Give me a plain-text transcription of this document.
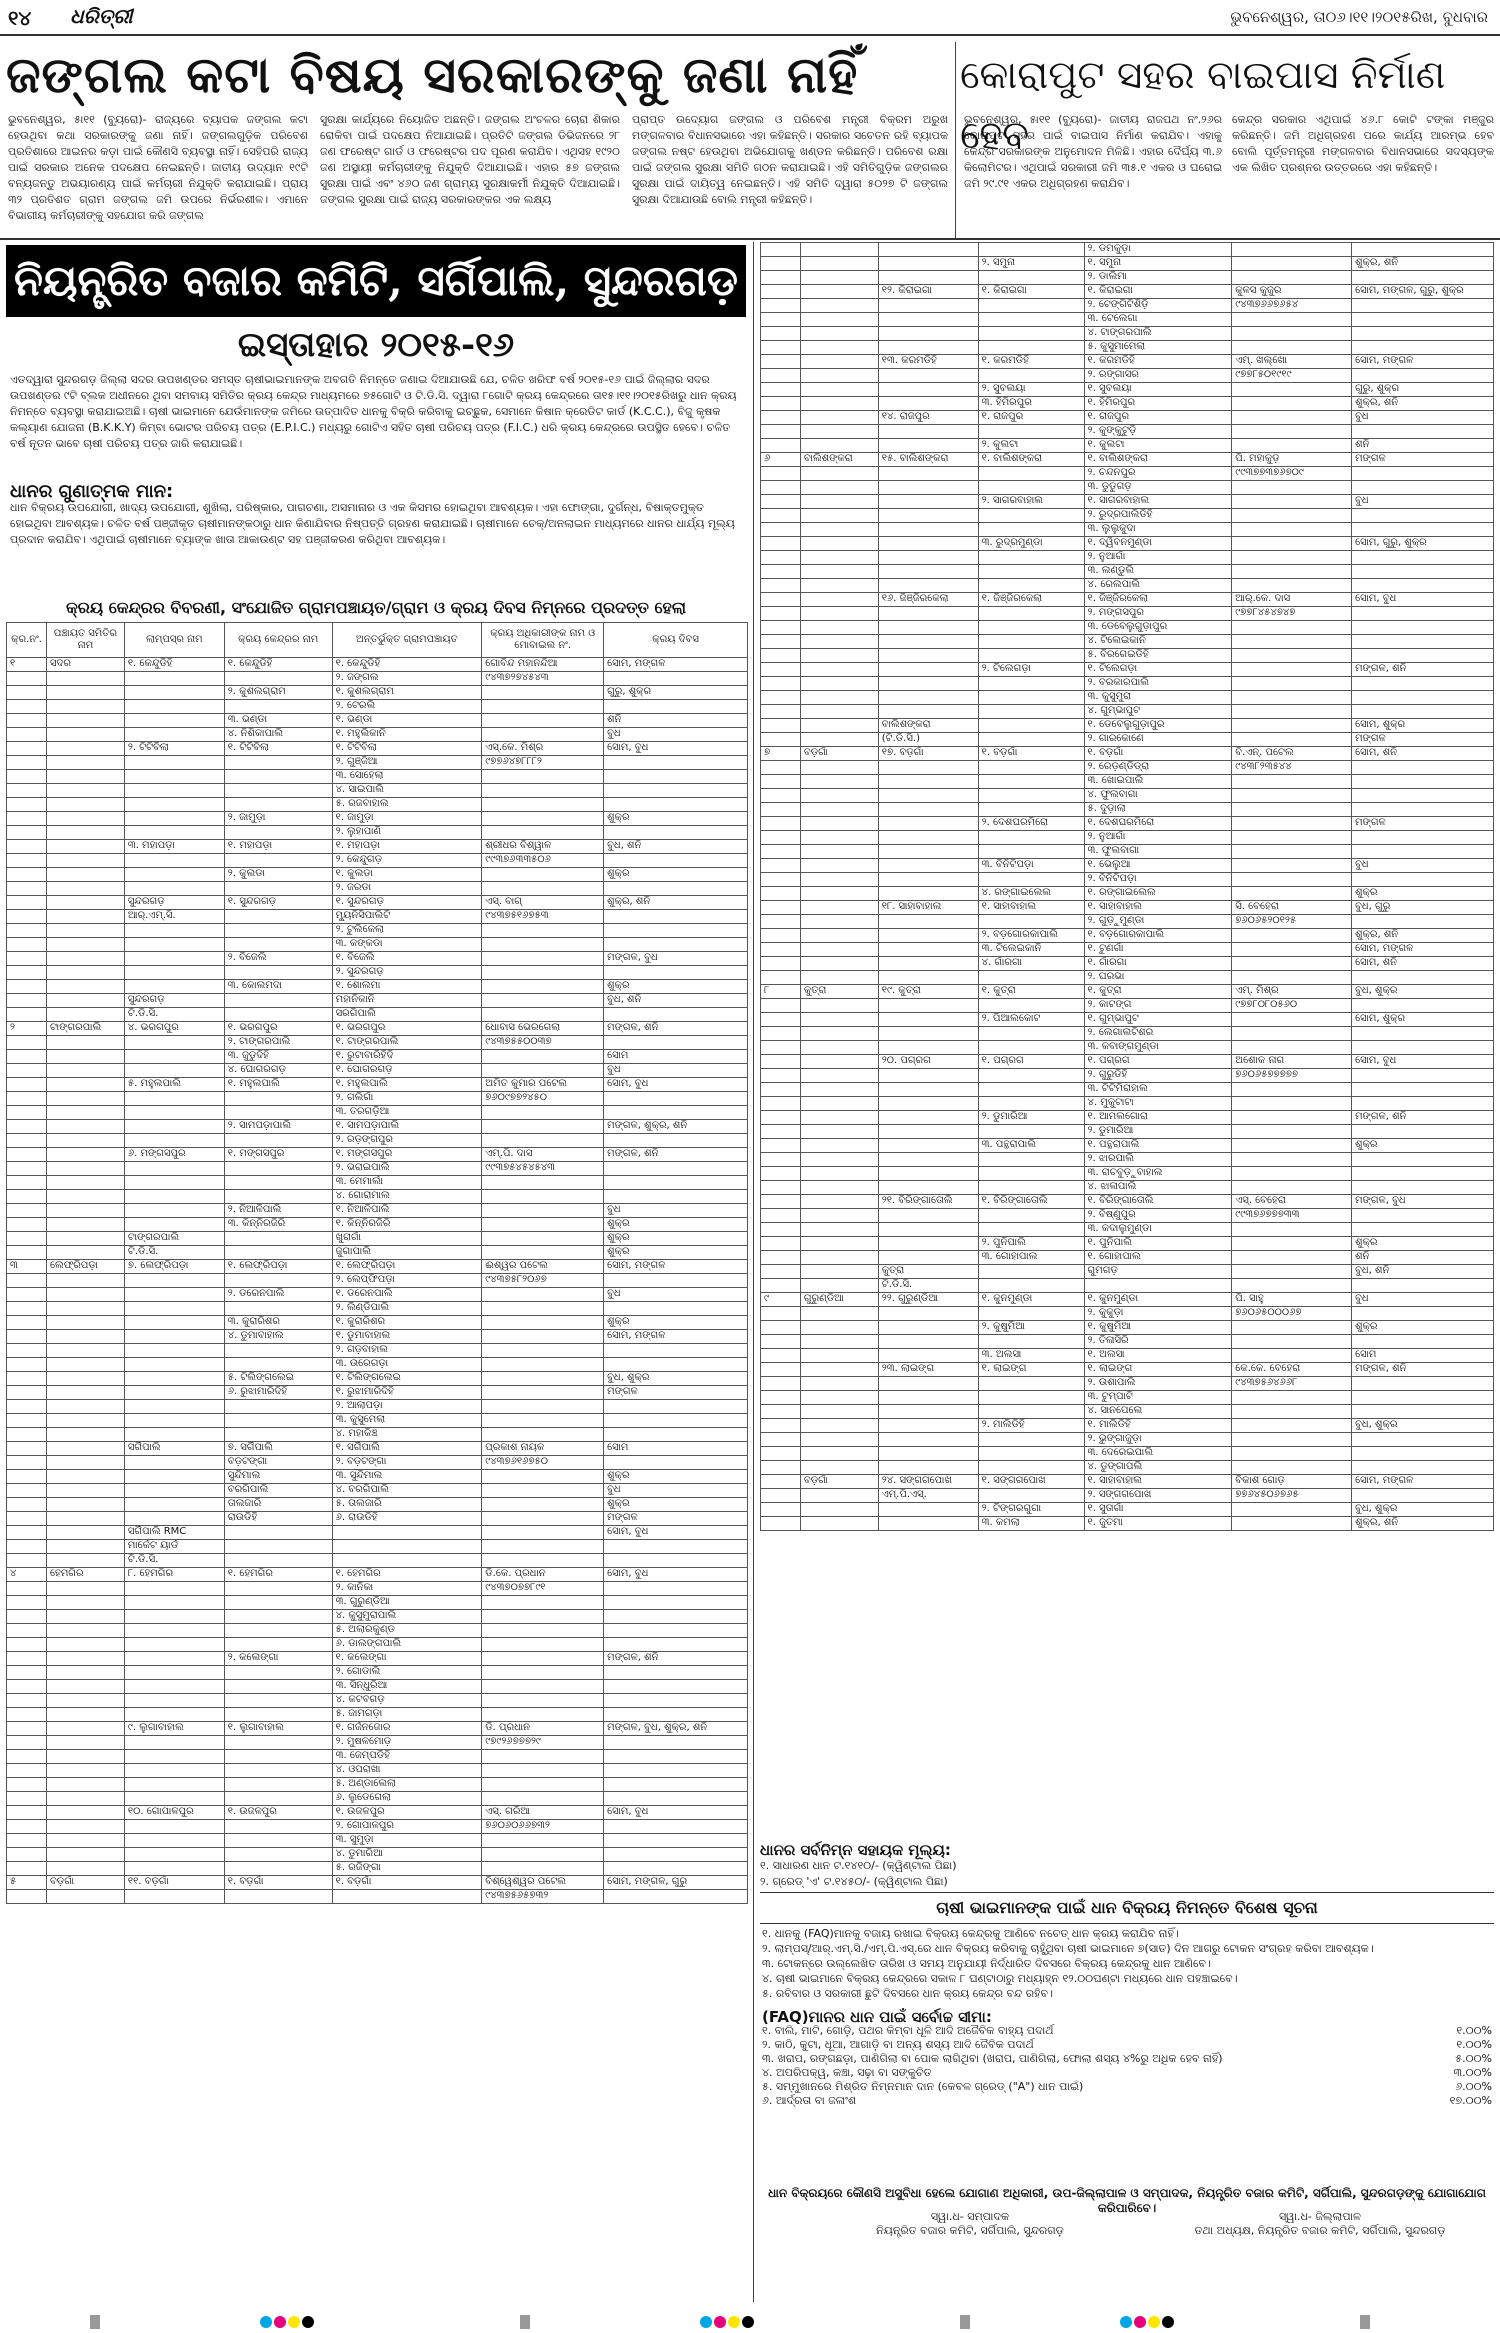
୧୪ ଧରିତ୍ରୀ	ଭୁବନେଶ୍ୱର, ତା୦୬।୧୧।୨୦୧୫ରିଖ, ବୁଧବାର
ଜଙ୍ଗଲ କଟା ବିଷୟ ସରକାରଙ୍କୁ ଜଣା ନାହିଁ	କୋରାପୁଟ ସହର ବାଇପାସ ନିର୍ମାଣ ହେବ
ଭୁବନେଶ୍ୱର, ୫ା୧୧ (ବ୍ୟୁରୋ)- ରାଜ୍ୟରେ ବ୍ୟାପକ ଜଙ୍ଗଲ କଟା ହେଉଥିବା କଥା ସରକାରଙ୍କୁ ଜଣା ନାହିଁ। ଜଙ୍ଗଲଗୁଡ଼ିକ ପରିବେଶ ପ୍ରତିଶାରେ ଆଇନର କଡ଼ା ପାଇଁ କୌଣସି ବ୍ୟବସ୍ଥା ନାହିଁ। ସେହିପରି ରାଜ୍ୟ ପାଇଁ ସରକାର ଅନେକ ପଦକ୍ଷେପ ନେଇଛନ୍ତି। ଜାତୀୟ ଉଦ୍ୟାନ ୧୯ଟି ବନ୍ୟଜନ୍ତୁ ଅଭୟାରଣ୍ୟ ପାଇଁ କର୍ମଚାରୀ ନିଯୁକ୍ତି କରାଯାଇଛି। ପ୍ରାୟ ୩୨ ପ୍ରତିଶତ ଗ୍ରାମ ଜଙ୍ଗଲ ଜମି ଉପରେ ନିର୍ଭରଶୀଳ। ଏମାନେ ବିଭାଗୀୟ କର୍ମଚାରୀଙ୍କୁ ସହଯୋଗ କରି ଜଙ୍ଗଲ
ସୁରକ୍ଷା କାର୍ଯ୍ୟରେ ନିୟୋଜିତ ଅଛନ୍ତି। ଜଙ୍ଗଲ ଅଂଚଳର ଚୋରା ଶିକାର ରୋକିବା ପାଇଁ ପଦକ୍ଷେପ ନିଆଯାଇଛି। ପ୍ରତିଟି ଜଙ୍ଗଲ ଡିଭିଜନରେ ୨୮ ଜଣ ଫରେଷ୍ଟ ଗାର୍ଡ ଓ ଫରେଷ୍ଟର ପଦ ପୂରଣ କରାଯିବ। ଏଥିସହ ୧୯୨୦ ଜଣ ଅସ୍ଥାୟୀ କର୍ମଚାରୀଙ୍କୁ ନିଯୁକ୍ତି ଦିଆଯାଇଛି। ଏହାର ୫୭ ଜଙ୍ଗଲ ସୁରକ୍ଷା ପାଇଁ ଏବଂ ୪୬୦ ଜଣ ଗ୍ରାମ୍ୟ ସୁରକ୍ଷାକର୍ମୀ ନିଯୁକ୍ତି ଦିଆଯାଇଛି। ଜଙ୍ଗଲ ସୁରକ୍ଷା ପାଇଁ ରାଜ୍ୟ ସରକାରଙ୍କର ଏକ ଲକ୍ଷ୍ୟ
ପ୍ରାପ୍ତ ଉଦ୍ୟୋଗ ଜଙ୍ଗଲ ଓ ପରିବେଶ ମନ୍ତ୍ରୀ ବିକ୍ରମ ଅରୁଖ ମଙ୍ଗଳବାର ବିଧାନସଭାରେ ଏହା କହିଛନ୍ତି। ସରକାର ସଚେତନ ରହି ବ୍ୟାପକ ଜଙ୍ଗଲ ନଷ୍ଟ ହେଉଥିବା ଅଭିଯୋଗକୁ ଖଣ୍ଡନ କରିଛନ୍ତି। ପରିବେଶ ରକ୍ଷା ପାଇଁ ଜଙ୍ଗଲ ସୁରକ୍ଷା ସମିତି ଗଠନ କରାଯାଇଛି। ଏହି ସମିତିଗୁଡ଼ିକ ଜଙ୍ଗଲର ସୁରକ୍ଷା ପାଇଁ ଦାୟିତ୍ୱ ନେଇଛନ୍ତି। ଏହି ସମିତି ଦ୍ୱାରା ୫୦୨୭ ଟି ଜଙ୍ଗଲ ସୁରକ୍ଷା ଦିଆଯାଉଛି ବୋଲି ମନ୍ତ୍ରୀ କହିଛନ୍ତି।
ଭୁବନେଶ୍ୱର, ୫ା୧୧ (ବ୍ୟୁରୋ)- ଜାତୀୟ ରାଜପଥ ନଂ.୨୬ର କୋରାପୁଟ ସହର ପାଇଁ ବାଇପାସ ନିର୍ମାଣ କରାଯିବ। ଏହାକୁ କେନ୍ଦ୍ର ସରକାରଙ୍କ ଅନୁମୋଦନ ମିଳିଛି। ଏହାର ଦୈର୍ଘ୍ୟ ୩.୬ କିଲୋମିଟର। ଏଥିପାଇଁ ସରକାରୀ ଜମି ୩୫.୧ ଏକର ଓ ଘରୋଇ ଜମି ୨୯.୯୧ ଏକର ଅଧିଗ୍ରହଣ କରାଯିବ।
କେନ୍ଦ୍ର ସରକାର ଏଥିପାଇଁ ୪୬.୮ କୋଟି ଟଙ୍କା ମଞ୍ଜୁର କରିଛନ୍ତି। ଜମି ଅଧିଗ୍ରହଣ ପରେ କାର୍ଯ୍ୟ ଆରମ୍ଭ ହେବ ବୋଲି ପୂର୍ତ୍ତମନ୍ତ୍ରୀ ମଙ୍ଗଳବାର ବିଧାନସଭାରେ ସଦସ୍ୟଙ୍କ ଏକ ଲିଖିତ ପ୍ରଶ୍ନର ଉତ୍ତରରେ ଏହା କହିଛନ୍ତି।
ନିୟନ୍ତ୍ରିତ ବଜାର କମିଟି, ସର୍ଗିପାଲି, ସୁନ୍ଦରଗଡ଼
ଇସ୍ତାହାର ୨୦୧୫-୧୬
ଏତଦ୍ୱାରା ସୁନ୍ଦରଗଡ଼ ଜିଲ୍ଲା ସଦର ଉପଖଣ୍ଡର ସମସ୍ତ ଚାଷୀଭାଇମାନଙ୍କ ଅବଗତି ନିମନ୍ତେ ଜଣାଇ ଦିଆଯାଉଛି ଯେ, ଚଳିତ ଖରିଫ ବର୍ଷ ୨୦୧୫-୧୬ ପାଇଁ ଜିଲ୍ଲାର ସଦର ଉପଖଣ୍ଡର ୯ଟି ବ୍ଲକ ଅଧୀନରେ ଥିବା ସମବାୟ ସମିତିର କ୍ରୟ କେନ୍ଦ୍ର ମାଧ୍ୟମରେ ୭୫ଗୋଟି ଓ ଟି.ଡି.ସି. ଦ୍ୱାରା ୮ଗୋଟି କ୍ରୟ କେନ୍ଦ୍ରରେ ତା୧୫।୧୧।୨୦୧୫ରିଖରୁ ଧାନ କ୍ରୟ ନିମନ୍ତେ ବ୍ୟବସ୍ଥା କରାଯାଇଅଛି। ଚାଷୀ ଭାଇମାନେ ଯେଉଁମାନଙ୍କ ଜମିରେ ଉତ୍ପାଦିତ ଧାନକୁ ବିକ୍ରି କରିବାକୁ ଇଚ୍ଛୁକ, ସେମାନେ କିଷାନ କ୍ରେଡିଟ କାର୍ଡ (K.C.C.), ବିଜୁ କୃଷକ କଲ୍ୟାଣ ଯୋଜନା (B.K.K.Y) କିମ୍ବା ଭୋଟର ପରିଚୟ ପତ୍ର (E.P.I.C.) ମଧ୍ୟରୁ ଗୋଟିଏ ସହିତ ଚାଷୀ ପରିଚୟ ପତ୍ର (F.I.C.) ଧରି କ୍ରୟ କେନ୍ଦ୍ରରେ ଉପସ୍ଥିତ ହେବେ। ଚଳିତ ବର୍ଷ ନୂତନ ଭାବେ ଚାଷୀ ପରିଚୟ ପତ୍ର ଜାରି କରାଯାଇଛି।
ଧାନର ଗୁଣାତ୍ମକ ମାନ:
ଧାନ ବିକ୍ରୟ ଉପଯୋଗୀ, ଖାଦ୍ୟ ଉପଯୋଗୀ, ଶୁଖିଲା, ପରିଷ୍କାର, ପାଗଚଣା, ଅସମାନାର ଓ ଏକ କିସମର ହୋଇଥିବା ଆବଶ୍ୟକ। ଏହା ଫୋଙ୍ଗା, ଦୁର୍ଗନ୍ଧ, ବିଷାକ୍ତମୁକ୍ତ ହୋଇଥିବା ଆବଶ୍ୟକ। ଚଳିତ ବର୍ଷ ପଞ୍ଜୀକୃତ ଚାଷୀମାନଙ୍କଠାରୁ ଧାନ କିଣାଯିବାର ନିଷ୍ପତ୍ତି ଗ୍ରହଣ କରାଯାଇଛି। ଚାଷୀମାନେ ଚେକ୍/ଅନଲାଇନ ମାଧ୍ୟମରେ ଧାନର ଧାର୍ଯ୍ୟ ମୂଲ୍ୟ ପ୍ରଦାନ କରାଯିବ। ଏଥିପାଇଁ ଚାଷୀମାନେ ବ୍ୟାଙ୍କ ଖାତା ଆକାଉଣ୍ଟ ସହ ପଞ୍ଜୀକରଣ କରିଥିବା ଆବଶ୍ୟକ।
କ୍ରୟ କେନ୍ଦ୍ରର ବିବରଣୀ, ସଂଯୋଜିତ ଗ୍ରାମପଞ୍ଚାୟତ/ଗ୍ରାମ ଓ କ୍ରୟ ଦିବସ ନିମ୍ନରେ ପ୍ରଦତ୍ତ ହେଲା
କ୍ର.ନଂ.	ପଞ୍ଚାୟତ ସମିତିର ନାମ	ଲାମ୍ପସ୍‌ର ନାମ	କ୍ରୟ କେନ୍ଦ୍ରର ନାମ	ଅନ୍ତର୍ଭୁକ୍ତ ଗ୍ରାମପଞ୍ଚାୟତ	କ୍ରୟ ଅଧିକାରୀଙ୍କ ନାମ ଓ ମୋବାଇଲ ନଂ.	କ୍ରୟ ଦିବସ
୧	ସଦର	୧. କେନ୍ଦୁଡିହି	୧. କେନ୍ଦୁଡିହି	୧. କେନ୍ଦୁଡିହି	ଗୋବିନ୍ଦ ମହାନନ୍ଦିଆ	ସୋମ, ମଙ୍ଗଳ
				୨. ଜଙ୍ଗଲ	୯୪୩୭୨୭୪୫୪୩	
			୨. କୁଶଲଗ୍ରାମ	୧. କୁଶଲଗ୍ରାମ		ଗୁରୁ, ଶୁକ୍ର
				୨. ଟେରଲି		
			୩. ଭଣ୍ଡା	୧. ଭଣ୍ଡା		ଶନି
			୪. ନିଶିକାପାଲି	୧. ମହୁଲିକାନି		ବୁଧ
		୨. ଟିଟିବିଲା	୧. ଟିଟିବିଲା	୧. ଟିଟିବିଲା	ଏସ୍.କେ. ମିଶ୍ର	ସୋମ, ବୁଧ
				୨. ଗୁଞ୍ଜିଆ	୯୭୭୬୪୭୮୮୮୨	
				୩. ସୋହେଲା		
				୪. ସାଇପାଲି		
				୫. ରଜବାହାଲ		
			୨. ଜାମୁଡ଼ା	୧. ଜାମୁଡ଼ା		ଶୁକ୍ର
				୨. ଲୁହାପାଣି		
		୩. ମହାପଡ଼ା	୧. ମହାପଡ଼ା	୧. ମହାପଡ଼ା	ଶ୍ରୀଧର ବିଶ୍ୱାଳ	ବୁଧ, ଶନି
				୨. କେନ୍ଦୁଗଡ଼	୯୯୩୭୬୩୩୫୦୬	
			୨. କୁଲଡା	୧. କୁଲଡା		ଶୁକ୍ର
				୨. ଜରଡା		
		ସୁନ୍ଦରଗଡ଼	୧. ସୁନ୍ଦରଗଡ଼	୧. ସୁନ୍ଦରଗଡ଼	ଏସ୍. ବାଗ୍	ଶୁକ୍ର, ଶନି
		ଆର୍.ଏମ୍.ସି.		ମ୍ୟୁନିସିପାଲିଟି	୯୪୩୭୫୧୬୭୫୩	
				୨. ଟୁଲିକେଲା		
				୩. କଙ୍କଡା		
			୨. ବିଜେଲି	୧. ବିଜେଲି		ମଙ୍ଗଳ, ବୁଧ
				୨. ସୁନ୍ଦରଗଡ଼		
			୩. କୋଲମଦା	୧. ଶୋଲମା		ଶୁକ୍ର
		ସୁନ୍ଦରଗଡ଼		ମହାନିକାନି		ବୁଧ, ଶନି
		ଟି.ଡି.ସି.		ସରଗିପାଲି		
୨	ଟାଙ୍ଗରପାଲି	୪. ଭରଗପୁର	୧. ଭରଗପୁର	୧. ଭରଗପୁର	ଧୋବାସ ଭେରଗେଲା	ମଙ୍ଗଳ, ଶନି
			୨. ଟାଙ୍ଗରପାଲି	୧. ଟାଙ୍ଗରପାଲି	୯୪୩୭୫୫୦୦୩୭	
			୩. ଜୁଡୁଦିହି	୧. ରୁଟାବାରିହିଦି		ସୋମ
			୪. ଘୋଗରଗଡ଼	୧. ଘୋଗରଗଡ଼		ବୁଧ
		୫. ମହୁଲପାଲି	୧. ମହୁଲପାଲି	୧. ମହୁଲପାଲି	ଅମିତ କୁମାର ପଟେଲ	ସୋମ, ବୁଧ
				୨. ଗଲିଗାଁ	୭୬୦୯୭୭୨୪୫୦	
				୩. ତରଗଡ଼ିଆ		
			୨. ସାମପଡ଼ାପାଲି	୧. ସାମପଡ଼ାପାଲି		ମଙ୍ଗଳ, ଶୁକ୍ର, ଶନି
				୨. ରଡ଼ଙ୍ଗପୁର		
		୬. ମଙ୍ଗସପୁର	୧. ମଙ୍ଗସପୁର	୧. ମଙ୍ଗସପୁର	ଏମ୍.ପି. ଦାସ	ମଙ୍ଗଳ, ଶନି
				୨. ଭରାଇପାଲି	୯୯୩୭୫୪୫୪୫୪୩	
				୩. ମେମାର୍ଲା		
				୪. ଗୋରାମାଲ		
			୨. ନିଆଳିପାଲି	୧. ନିଆଳିପାଲି		ବୁଧ
			୩. କିନ୍ନିରଜିରି	୧. କିନ୍ନିରଜିରି		ଶୁକ୍ର
		ଟାଙ୍ଗରପାଲି		ଖୁରାଗାଁ		ଶୁକ୍ର
		ଟି.ଡି.ସି.		ଜୁଗାପାଲି		ଶୁକ୍ର
୩	ଲେଫ୍ରିପଡ଼ା	୭. ଲେଫ୍ରିପଡ଼ା	୧. ଲେଫ୍ରିପଡ଼ା	୧. ଲେଫ୍ରିପଡ଼ା	ଈଶ୍ୱର ପଟେଲ	ସୋମ, ମଙ୍ଗଳ
				୨. ଲେପ୍ଫିପଡ଼ା	୯୪୩୭୫୮୨୦୬୭	
			୨. ଡରେନପାଲି	୧. ଡରେନପାଲି		ବୁଧ
				୨. ଲିଣ୍ଡିପାଲି		
			୩. କୁରାରିଶର	୧. କୁରାରିଶର		ଶୁକ୍ର
			୪. ଡୁମାବାହାଲ	୧. ଡୁମାବାହାଲ		ସୋମ, ମଙ୍ଗଳ
				୨. ଗଡ଼ବାହାଲ		
				୩. ଉରେଗଡ଼ା		
			୫. ଟିଲିଙ୍ଗଲେଇ	୧. ଟିଲିଙ୍ଗଲେଇ		ବୁଧ, ଶୁକ୍ର
			୬. ରୁଝାମାରିଦିହି	୧. ରୁଝାମାରିଦିହି		ମଙ୍ଗଳ
				୨. ଆଲାପଡ଼ା		
				୩. କୁସୁମେଲା		
				୪. ମହାକିଞ୍ଚ		
		ସର୍ଗିପାଲି	୭. ସର୍ଗିପାଲି	୧. ସର୍ଗିପାଲି	ପ୍ରକାଶ ନାୟକ	ସୋମ
			ବଡ଼ଟଙ୍ଗା	୨. ବଡ଼ଟଙ୍ଗା	୯୪୩୭୬୧୬୭୫୦	
			ସୁନ୍ଦିମାଲ	୩. ସୁନ୍ଦିମାଲ		ଶୁକ୍ର
			ବରଗିପାଲି	୪. ବରଗିପାଲି		ବୁଧ
			ତାଲଜାରି	୫. ତାଲଜାରି		ଶୁକ୍ର
			ରାଉଡିହି	୬. ରାଉଡିହି		ମଙ୍ଗଳ
		ସର୍ଗିପାଲି RMC				ସୋମ, ବୁଧ
		ମାର୍କେଟ ୟାର୍ଡ				
		ଟି.ଡି.ସି.				
୪	ହେମଗିର	୮. ହେମଗିର	୧. ହେମଗିର	୧. ହେମଗିର	ଡି.କେ. ପ୍ରଧାନ	ସୋମ, ବୁଧ
				୨. କାନିକା	୯୪୩୭୦୭୭୮୯୧	
				୩. ଗୁରୁଣ୍ଡିଆ		
				୪. କୁସୁମୁରାପାଲି		
				୫. ଅଲାରକୁଣ୍ଡ		
				୬. ଡାଲଙ୍ଗପାଲି		
			୨. କଲେଙ୍ଗା	୧. କଲେଙ୍ଗା		ମଙ୍ଗଳ, ଶନି
				୨. ଗୋଡାଲି		
				୩. ସିନ୍ଧୁରିଆ		
				୪. କଟବଗଡ଼		
				୫. ଜାମଗଡ଼ା		
		୯. ଲୁଗାବାହାଲ	୧. ଲୁଗାବାହାଲ	୧. ଗର୍ଜନଜୋର	ଡି. ପ୍ରଧାନ	ମଙ୍ଗଳ, ବୁଧ, ଶୁକ୍ର, ଶନି
				୨. ମୁଷଳମୋଡ଼	୯୭୯୨୬୭୭୭୨୯	
				୩. ଜେମ୍ପଡିହି		
				୪. ଓପରାଖା		
				୫. ଅଣ୍ଡାଲେଲା		
				୬. ଲୁଡେଗେଲା		
		୧୦. ଗୋପାଳପୁର	୧. ଉଜଳପୁର	୧. ଉଜଳପୁର	ଏସ୍. ଗରିଆ	ସୋମ, ବୁଧ
				୨. ଗୋପାଳପୁର	୭୬୦୬୦୬୬୭୩୨	
				୩. ସୁମୁଡ଼ା		
				୪. ଡୁମାରିଆ		
				୫. ରଜିଙ୍ଗା		
୫	ବଡ଼ଗାଁ	୧୧. ବଡ଼ଗାଁ	୧. ବଡ଼ଗାଁ	୧. ବଡ଼ଗାଁ	ବିଶ୍ୱେଶ୍ୱର ପଟେଲ	ସୋମ, ମଙ୍ଗଳ, ଗୁରୁ
					୯୪୩୭୫୬୫୭୩୨	
				୨. ଡମକୁଡ଼ା		
			୨. ସମୁନା	୧. ସମୁନା		ଶୁକ୍ର, ଶନି
				୨. ଡାଲିମା		
		୧୨. କିରାଇଗା	୧. କିରାଇଗା	୧. କିରାଇଗା	କୁଳସ କୁଜୁର	ସୋମ, ମଙ୍ଗଳ, ଗୁରୁ, ଶୁକ୍ର
				୨. ଟେଙ୍ଗିଟିଶିଡ଼ି	୯୪୩୭୬୬୭୬୫୪	
				୩. ଟେଲେଗା		
				୪. ଟାଙ୍ଗରପାଲି		
				୫. କୁସୁମାମେଲା		
		୧୩. କରମଡିହି	୧. କରମଡିହି	୧. କରମଡିହି	ଏମ୍. ଖଲ୍ଖୋ	ସୋମ, ମଙ୍ଗଳ
				୨. ରଙ୍ଗାସର	୯୭୭୮୫୦୧୯୧୯	
			୨. ସୁବଲୟା	୧. ସୁବଲୟା		ଗୁରୁ, ଶୁକ୍ର
			୩. ହିମିରପୁର	୧. ହିମିରପୁର		ଶୁକ୍ର, ଶନି
		୧୪. ରାଜପୁର	୧. ରାଜପୁର	୧. ରାଜପୁର		ବୁଧ
				୨. କୁଙ୍କୁଟୁଡ଼ି		
			୨. କୁଲଟା	୧. କୁଲଟା		ଶନି
୬	ବାଲିଶଙ୍କରା	୧୫. ବାଲିଶଙ୍କରା	୧. ବାଲିଶଙ୍କରା	୧. ବାଲିଶଙ୍କରା	ପି. ମହାକୁଡ଼	ମଙ୍ଗଳ
				୨. ଚନ୍ଦନପୁର	୯୯୩୭୭୩୭୬୭୦୯	
				୩. ଡୁଡୁଗଡ଼		
			୨. ସାଗରବାହାଲ	୧. ସାଗରବାହାଲ		ବୁଧ
				୨. ରୁଦ୍ରପାଲିଡିହି		
				୩. ଲୁଲୁକୁଦା		
			୩. ରୁଦ୍ରମୁଣ୍ଡା	୧. ଦ୍ୱିବନମୁଣ୍ଡା		ସୋମ, ଗୁରୁ, ଶୁକ୍ର
				୨. ନୁଆଗାଁ		
				୩. ଲଣ୍ଡୁଲି		
				୪. ରେଲପାଲି		
		୧୬. ଜିଞ୍ଜିରକେଲା	୧. ଜିଞ୍ଜିରକେଲା	୧. ଜିଞ୍ଜିରକେଲା	ଆର୍.କେ. ଦାସ	ସୋମ, ବୁଧ
				୨. ମଙ୍ଗସପୁର	୯୭୭୮୪୫୪୭୪୭	
				୩. ଡେବେଲୁଗୁଡ଼ାପୁର		
				୪. ଟିଲେଇକାନି		
				୫. ବିରଗେଇଡିହି		
			୨. ଟିଲେଗଡ଼ା	୧. ଟିଲେଗଡ଼ା		ମଙ୍ଗଳ, ଶନି
				୨. ବରକାରପାଲି		
				୩. କୁସୁମୁରା		
				୪. ଗୁମ୍ଭାପୁଟ		
		ବାଲିଶଙ୍କରା		୧. ଡେବେଲୁଗୁଡ଼ାପୁର		ସୋମ, ଶୁକ୍ର
		(ଟି.ଡି.ସି.)		୨. ଗାରକୋଣେ		ମଙ୍ଗଳ
୭	ବଡ଼ଗାଁ	୧୭. ବଡ଼ଗାଁ	୧. ବଡ଼ଗାଁ	୧. ବଡ଼ଗାଁ	ବି.ଏନ୍. ପଟେଲ	ସୋମ, ଶନି
				୨. ରେଡ଼ଣ୍ଡିଡ୍ରା	୯୪୩୮୨୩୫୪୪	
				୩. ଖୋଇପାଲି		
				୪. ଫୁଲବାଗା		
				୫. ଦୁଡ଼ାଲା		
			୨. ଦେଶଘରମିରୋ	୧. ଦେଶଘରମିରୋ		ମଙ୍ଗଳ
				୨. ନୁଆଗାଁ		
				୩. ଫୁଲବାଗା		
			୩. ବିନିଟିପଡ଼ା	୧. ଭେଲୁଆ		ବୁଧ
				୨. ବିନିଟିପଡ଼ା		
			୪. ରଙ୍ଗାଇଲେଲ	୧. ରଙ୍ଗାଇଲେଲ		ଶୁକ୍ର
		୧୮. ସାହାବାହାଲ	୧. ସାହାବାହାଲ	୧. ସାହାବାହାଲ	ସି. ବେହେରା	ବୁଧ, ଗୁରୁ
				୨. ଗୁଡ଼ୁମୁଣ୍ଡା	୭୬୦୬୫୨୦୧୨୫	
			୨. ବଡ଼ଗୋରକାପାଲି	୧. ବଡ଼ଗୋରକାପାଲି		ଶୁକ୍ର, ଶନି
			୩. ଟିଲେଇକାନି	୧. ଟୁଣଗାଁ		ସୋମ, ମଙ୍ଗଳ
			୪. ଗାଁରଗା	୧. ଗାଁରଗା		ସୋମ, ଶନି
				୨. ଘରଭା		
୮	କୁତ୍ରା	୧୯. କୁତ୍ରା	୧. କୁତ୍ରା	୧. କୁତ୍ରା	ଏମ୍. ମିଶ୍ର	ବୁଧ, ଶୁକ୍ର
				୨. କାଟଙ୍ଗ	୯୭୭୮୦୮୦୫୬୦	
			୨. ପିଆଲକୋଟ	୧. ଗୁମ୍ଭାପୁଟ		ସୋମ, ଶୁକ୍ର
				୨. ଲେଗାଲଟିଶର		
				୩. କବାଙ୍ଗମୁଣ୍ଡା		
		୨୦. ପଗ୍ରଗ	୧. ପଗ୍ରଗ	୧. ପଗ୍ରଗ	ଅଶୋକ ନାଗ	ସୋମ, ବୁଧ
				୨. ଗୁରୁଡିହି	୭୬୦୬୫୭୭୭୭୭	
				୩. ଟିଟିମିରାହାଲ		
				୪. ମୁକୁଟାଟା		
			୨. ଡୁମାରିଆ	୧. ଆମଲଗୋରା		ମଙ୍ଗଳ, ଶନି
				୨. ଡୁମାରିଆ		
			୩. ପନ୍ଥରାପାଲି	୧. ପନ୍ଥରାପାଲି		ଶୁକ୍ର
				୨. ଝାରପାଲି		
				୩. ରାଚବୁଡ଼ୁବାହାଲ		
				୪. ଝାଳାପାଲି		
		୨୧. ବିରିଙ୍ଗାତୋଲି	୧. ବିରିଙ୍ଗାତୋଲି	୧. ବିରିଙ୍ଗାତୋଲି	ଏସ୍. ବେହେରା	ମଙ୍ଗଳ, ବୁଧ
				୨. ବିଷ୍ଣୁପୁର	୯୯୩୭୬୭୭୭୩୩	
				୩. କଦାଲୁମୁଣ୍ଡା		
			୨. ପୁନିପାଲି	୧. ପୁନିପାଲି		ଶୁକ୍ର
			୩. ଗୋହାପାଲ	୧. ଗୋହାପାଲ		ଶନି
		କୁତ୍ରା		ଗୁମଗଡ଼		ବୁଧ, ଶନି
		ଟି.ଡି.ସି.				
୯	ଗୁରୁଣ୍ଡିଆ	୨୨. ଗୁରୁଣ୍ଡିଆ	୧. କୁନମୁଣ୍ଡା	୧. କୁନମୁଣ୍ଡା	ପି. ସାହୁ	ବୁଧ
				୨. କୁକୁଡ଼ା	୭୬୦୬୫୦୦୦୬୭	
			୨. କୁଷୁମିଆ	୧. କୁଷୁମିଆ		ଶୁକ୍ର
				୨. ତିଳାସିରି		
			୩. ଅଲସା	୧. ଅଲସା		ସୋମ
		୨୩. ଲାଇଙ୍ଗ	୧. ଲାଇଙ୍ଗ	୧. ଲାଇଙ୍ଗ	କେ.କେ. ବେହେରା	ମଙ୍ଗଳ, ଶନି
				୨. ଉଶାପାଲି	୯୪୩୭୫୬୪୬୬୮	
				୩. ଟୁମ୍ପାଟି		
				୪. ସାନପେଲେ		
			୨. ମାଲିଡିହି	୧. ମାଲିଡିହି		ବୁଧ, ଶୁକ୍ର
				୨. ଭୁଙ୍ଗାଜୁଡ଼ା		
				୩. ଦେରେଇପାଲି		
				୪. ଡୁଙ୍ଗାପଲି		
	ବଡ଼ଗାଁ	୨୪. ସଙ୍ଗଗପୋଖ	୧. ସଙ୍ଗଗପୋଖ	୧. ସାହାବାହାଲ	ବିକାଶ ଗୋଡ଼	ସୋମ, ମଙ୍ଗଳ
		ଏମ୍.ପି.ଏସ୍.		୨. ସଙ୍ଗଗପୋଖ	୭୭୬୪୫୦୬୭୬୫	
			୨. ଟିଙ୍ଗରଗୁଗା	୧. ସୁତାଗାଁ		ବୁଧ, ଶୁକ୍ର
			୩. କମଲା	୧. ଜୁତମା		ଶୁକ୍ର, ଶନି
ଧାନର ସର୍ବନିମ୍ନ ସହାୟକ ମୂଲ୍ୟ:
୧. ସାଧାରଣ ଧାନ ଟ.୧୪୧୦/- (କ୍ୱିଣ୍ଟାଲ ପିଛା)
୨. ଗ୍ରେଡ୍ 'ଏ' ଟ.୧୪୫୦/- (କ୍ୱିଣ୍ଟାଲ ପିଛା)
ଚାଷୀ ଭାଇମାନଙ୍କ ପାଇଁ ଧାନ ବିକ୍ରୟ ନିମନ୍ତେ ବିଶେଷ ସୂଚନା
୧. ଧାନକୁ (FAQ)ମାନକୁ ବଜାୟ ରଖାଇ ବିକ୍ରୟ କେନ୍ଦ୍ରକୁ ଆଣିବେ ନଚେତ୍ ଧାନ କ୍ରୟ କରାଯିବ ନାହିଁ।
୨. ଲାମ୍ପସ୍/ଆର୍.ଏମ୍.ସି./ଏମ୍.ପି.ଏସ୍.ରେ ଧାନ ବିକ୍ରୟ କରିବାକୁ ଚାହୁଁଥିବା ଚାଷୀ ଭାଇମାନେ ୭(ସାତ) ଦିନ ଆଗରୁ ଟୋକନ ସଂଗ୍ରହ କରିବା ଆବଶ୍ୟକ।
୩. ଟୋକନ୍‌ରେ ଉଲ୍ଲେଖିତ ତାରିଖ ଓ ସମୟ ଅନୁଯାୟୀ ନିର୍ଦ୍ଧାରିତ ଦିବସରେ ବିକ୍ରୟ କେନ୍ଦ୍ରକୁ ଧାନ ଆଣିବେ।
୪. ଚାଷୀ ଭାଇମାନେ ବିକ୍ରୟ କେନ୍ଦ୍ରରେ ସକାଳ ୮ ଘଣ୍ଟାଠାରୁ ମଧ୍ୟାହ୍ନ ୧୨.୦୦ଘଣ୍ଟା ମଧ୍ୟରେ ଧାନ ପହଞ୍ଚାଇବେ।
୫. ରବିବାର ଓ ସରକାରୀ ଛୁଟି ଦିବସରେ ଧାନ କ୍ରୟ କେନ୍ଦ୍ର ବନ୍ଦ ରହିବ।
(FAQ)ମାନର ଧାନ ପାଇଁ ସର୍ବୋଚ୍ଚ ସୀମା:
୧. ବାଲି, ମାଟି, ଗୋଡ଼ି, ପଥର କିମ୍ବା ଧୂଳି ଆଦି ଅଜୈବିକ ବାହ୍ୟ ପଦାର୍ଥ	୧.୦୦%
୨. କାଠି, କୁଟା, ଧୂଆ, ଆଗାଡ଼ି ବା ଅନ୍ୟ ଶସ୍ୟ ଆଦି ଜୈବିକ ପଦାର୍ଥ	୧.୦୦%
୩. ଖରାପ, ରଙ୍ଗଛଡ଼ା, ପାଣିଗିଲା ବା ପୋକ ଲାଗିଥିବା (ଖରାପ, ପାଣିଗିଲା, ଫୋଲା ଶସ୍ୟ ୪%ରୁ ଅଧିକ ହେବ ନାହିଁ)	୫.୦୦%
୪. ଅପରିପକ୍ୱ, କଞ୍ଚା, ସଢ଼ା ବା ସଙ୍କୁଚିତ	୩.୦୦%
୫. ସମ୍ମୁଖାନରେ ମିଶ୍ରିତ ନିମ୍ନମାନ ଦାନ (କେବଳ ଗ୍ରେଡ୍ ("A") ଧାନ ପାଇଁ)	୬.୦୦%
୬. ଆର୍ଦ୍ରତା ବା ଜଳାଂଶ	୧୭.୦୦%
ଧାନ ବିକ୍ରୟରେ କୌଣସି ଅସୁବିଧା ହେଲେ ଯୋଗାଣ ଅଧିକାରୀ, ଉପ-ଜିଲ୍ଲାପାଳ ଓ ସମ୍ପାଦକ, ନିୟନ୍ତ୍ରିତ ବଜାର କମିଟି, ସର୍ଗିପାଲି, ସୁନ୍ଦରଗଡ଼ଙ୍କୁ ଯୋଗାଯୋଗ କରିପାରିବେ।
ସ୍ୱା.ଧ- ସମ୍ପାଦକ
ନିୟନ୍ତ୍ରିତ ବଜାର କମିଟି, ସର୍ଗିପାଲି, ସୁନ୍ଦରଗଡ଼
ସ୍ୱା.ଧ- ଜିଲ୍ଲାପାଳ
ତଥା ଅଧ୍ୟକ୍ଷ, ନିୟନ୍ତ୍ରିତ ବଜାର କମିଟି, ସର୍ଗିପାଲି, ସୁନ୍ଦରଗଡ଼
